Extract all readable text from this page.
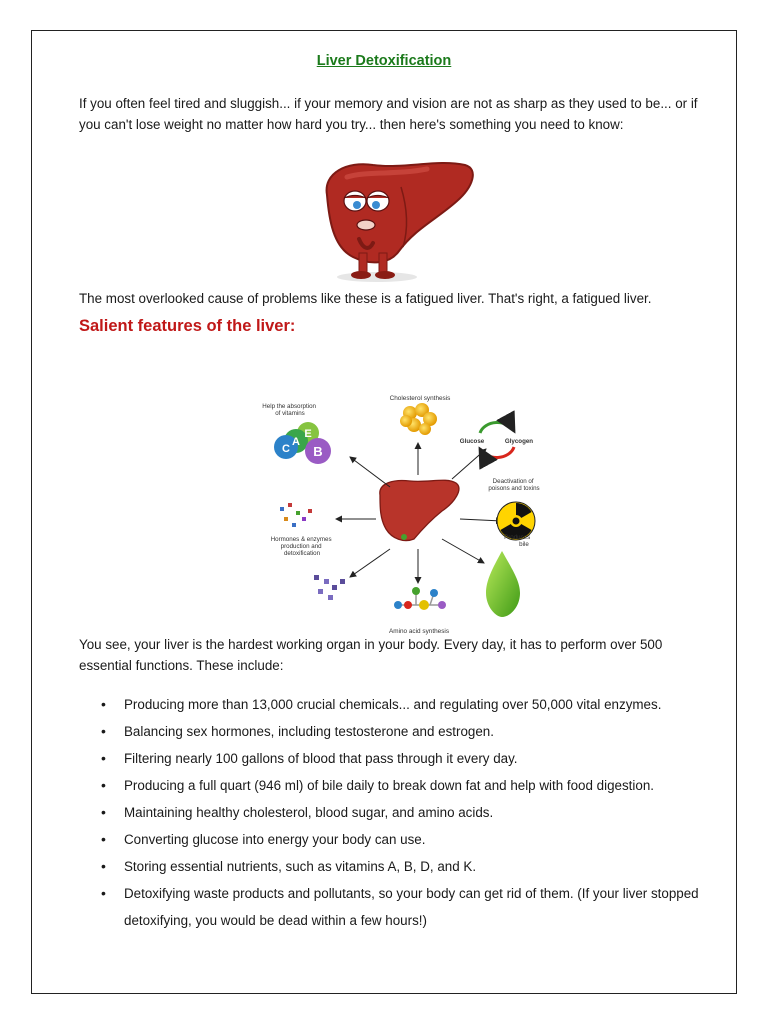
Liver Detoxification

If you often feel tired and sluggish... if your memory and vision are not as sharp as they used to be... or if you can't lose weight no matter how hard you try... then here's something you need to know:

The most overlooked cause of problems like these is a fatigued liver. That's right, a fatigued liver.

Salient features of the liver:
Cholesterol synthesis
Help the absorption of vitamins
E
A
C B
Glucose	Glycogen
Deactivation of poisons and toxins
Hormones & enzymes production and detoxification
Amino acid synthesis
Produces bile

You see, your liver is the hardest working organ in your body. Every day, it has to perform over 500 essential functions. These include:

• Producing more than 13,000 crucial chemicals... and regulating over 50,000 vital enzymes.
• Balancing sex hormones, including testosterone and estrogen.
• Filtering nearly 100 gallons of blood that pass through it every day.
• Producing a full quart (946 ml) of bile daily to break down fat and help with food digestion.
• Maintaining healthy cholesterol, blood sugar, and amino acids.
• Converting glucose into energy your body can use.
• Storing essential nutrients, such as vitamins A, B, D, and K.
• Detoxifying waste products and pollutants, so your body can get rid of them. (If your liver stopped detoxifying, you would be dead within a few hours!)
